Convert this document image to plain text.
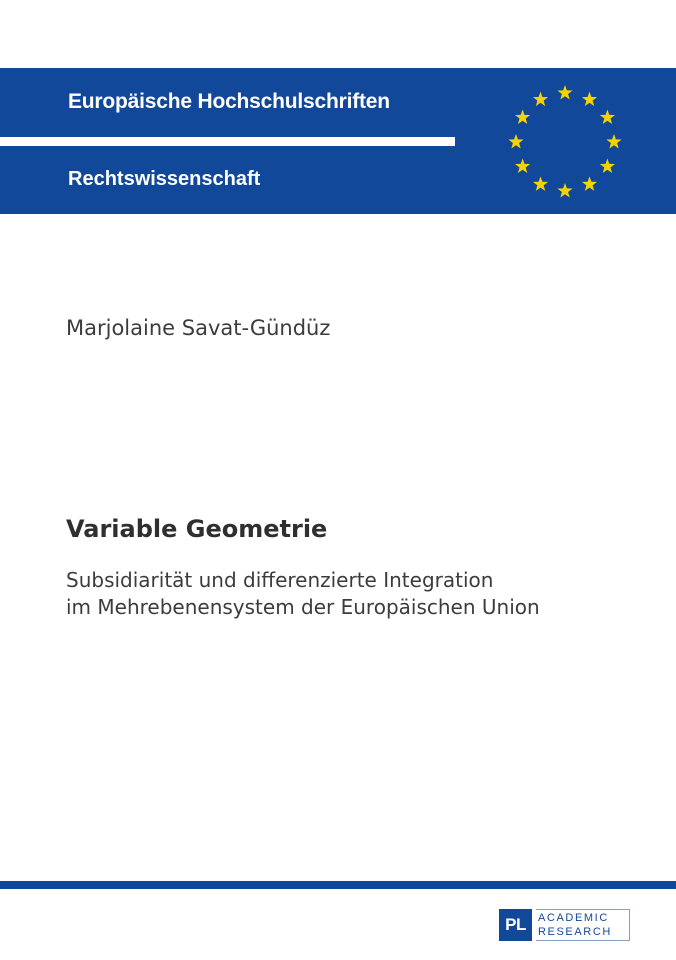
Europäische Hochschulschriften
Rechtswissenschaft
Marjolaine Savat-Gündüz
Variable Geometrie
Subsidiarität und differenzierte Integration
im Mehrebenensystem der Europäischen Union
PL	ACADEMIC
RESEARCH
